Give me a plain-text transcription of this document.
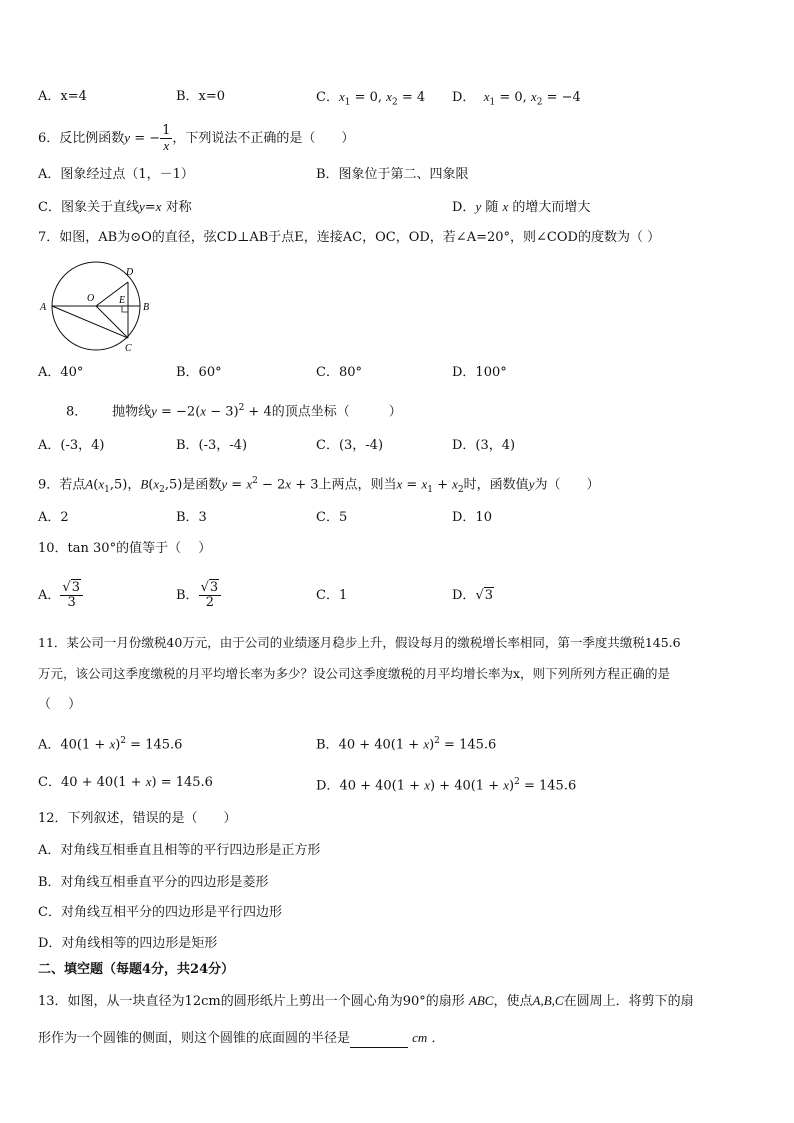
A．x=4	B．x=0	C．$x_1 = 0$, $x_2 = 4$ D． $x_1 = 0$, $x_2 = -4$
6．反比例函数y = − $\frac{1}{x}$ ，下列说法不正确的是（　　）
A．图象经过点（1，－1）	B．图象位于第二、四象限
C．图象关于直线y=x 对称	D．y 随 x 的增大而增大
7．如图，AB为⊙O的直径，弦CD⊥AB于点E，连接AC，OC，OD，若∠A=20°，则∠COD的度数为（ ）
A	B
D
C
O E
A．40°	B．60°	C．80°	D．100°
8． 抛物线$y = -2(x - 3)^2 + 4$的顶点坐标（　　　）
A．(-3，4)	B．(-3，-4)	C．(3，-4)	D．(3，4)
9．若点$A(x_1,5)$，$B(x_2,5)$是函数$y = x^2 - 2x + 3$上两点，则当$x = x_1 + x_2$时，函数值y为（　　）
A．2	B．3	C．5	D．10
10．tan 30°的值等于（　 ）
A． $\frac{√3}{3}$	B． $\frac{√3}{2}$	C．1	D．√3
11．某公司一月份缴税40万元，由于公司的业绩逐月稳步上升，假设每月的缴税增长率相同，第一季度共缴税145.6
万元，该公司这季度缴税的月平均增长率为多少？设公司这季度缴税的月平均增长率为x，则下列所列方程正确的是
（　 ）
A．$40(1 + x)^2 = 145.6$	B．$40 + 40(1 + x)^2 = 145.6$
C．40 + 40(1 + x) = 145.6	D．$40 + 40(1 + x) + 40(1 + x)^2 = 145.6$
12．下列叙述，错误的是（　　）
A．对角线互相垂直且相等的平行四边形是正方形
B．对角线互相垂直平分的四边形是菱形
C．对角线互相平分的四边形是平行四边形
D．对角线相等的四边形是矩形
二、填空题（每题4分，共24分）
13．如图，从一块直径为12cm的圆形纸片上剪出一个圆心角为90°的扇形 ABC，使点A,B,C在圆周上．将剪下的扇
形作为一个圆锥的侧面，则这个圆锥的底面圆的半径是	cm ．
